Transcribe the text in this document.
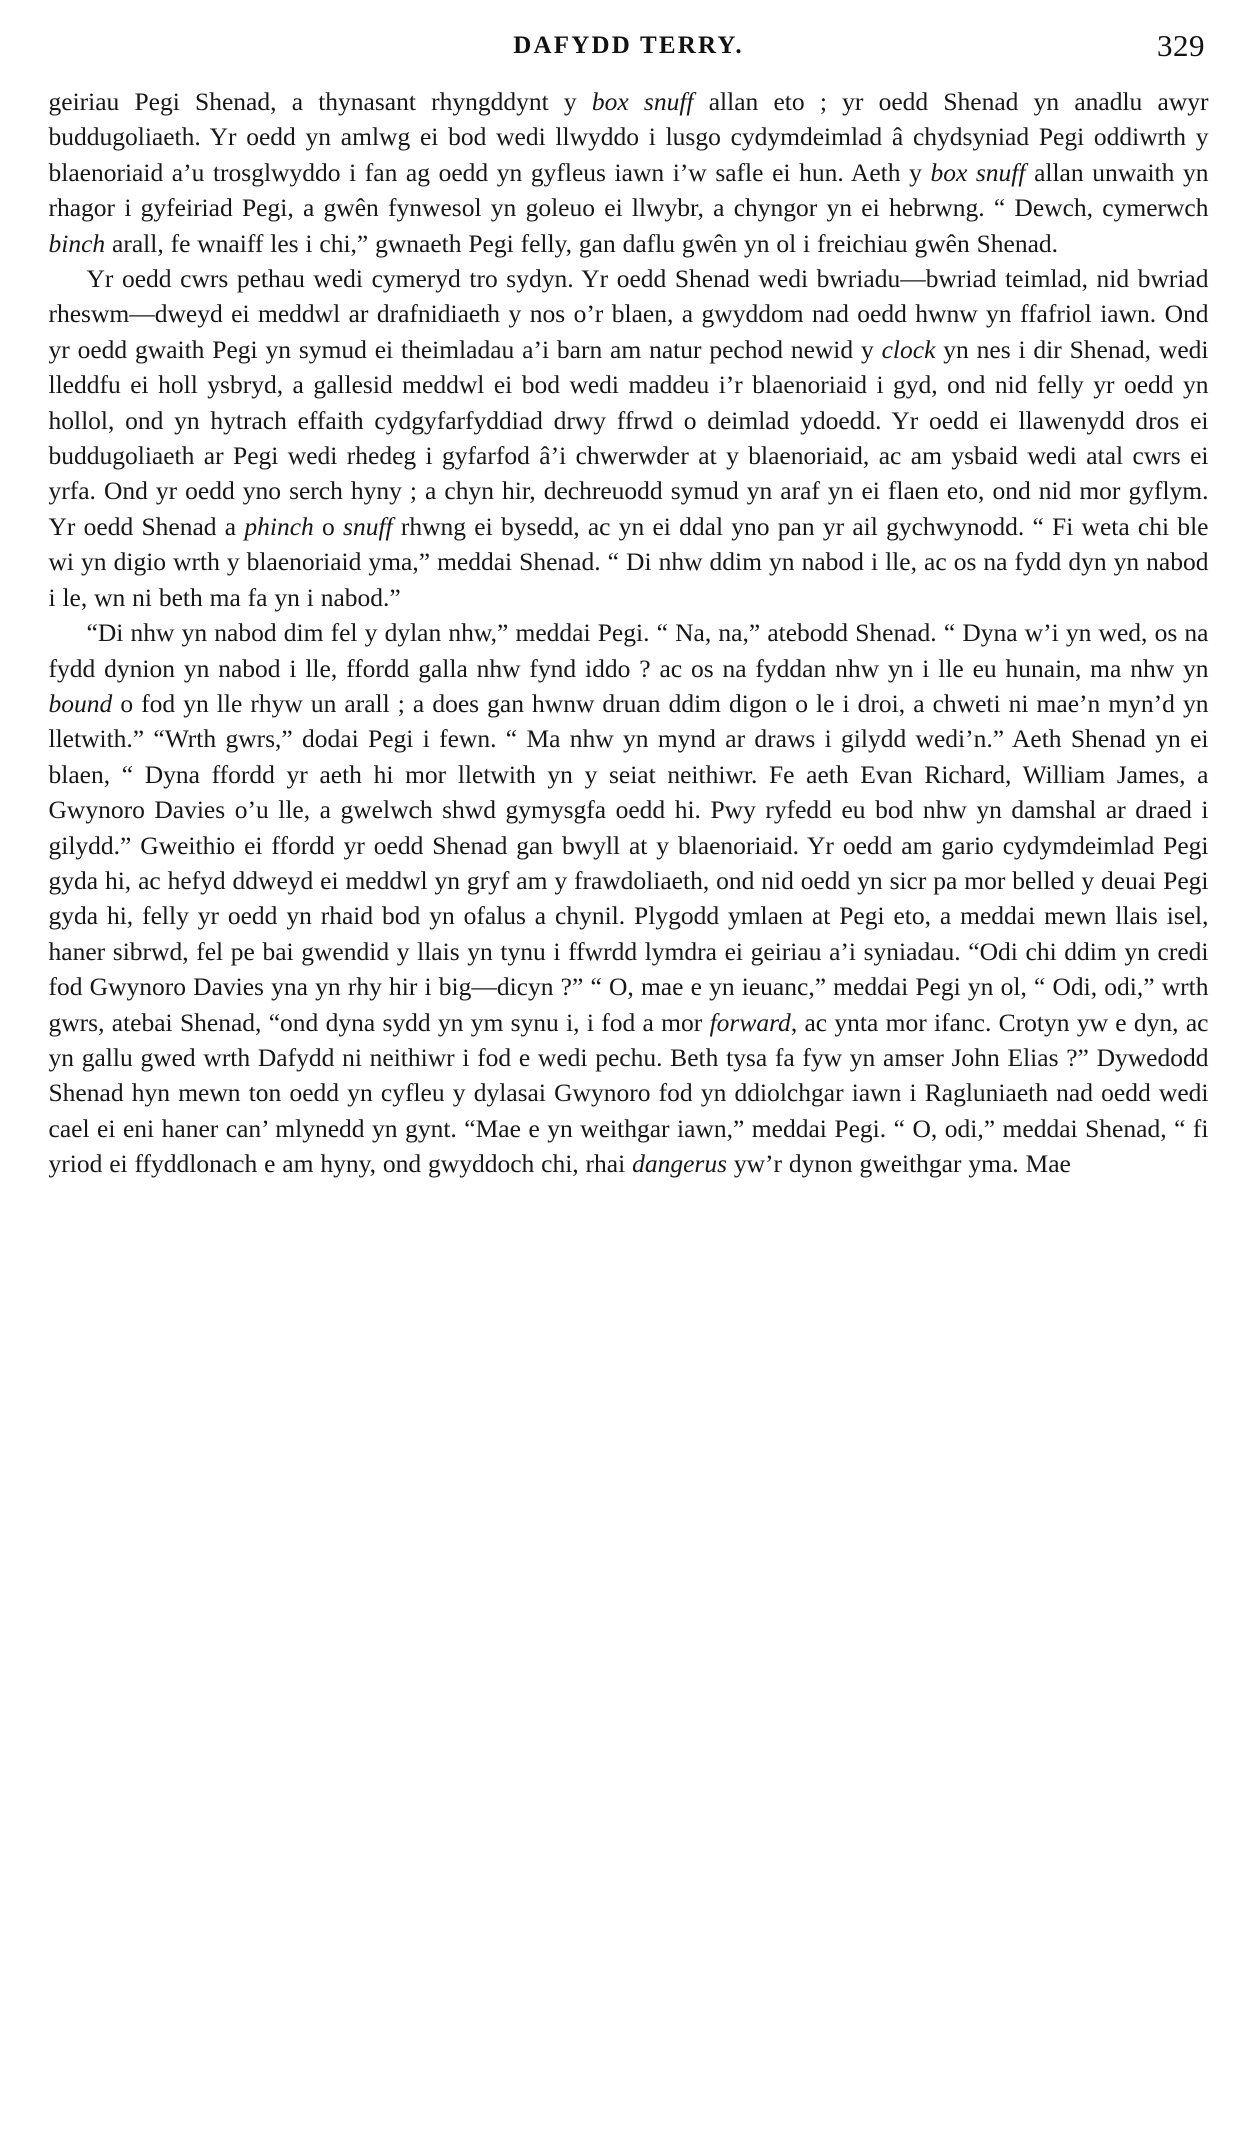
DAFYDD TERRY.	329

geiriau Pegi Shenad, a thynasant rhyngddynt y box snuff allan eto ; yr oedd Shenad yn anadlu awyr buddugoliaeth. Yr oedd yn amlwg ei bod wedi llwyddo i lusgo cydymdeimlad â chydsyniad Pegi oddiwrth y blaenoriaid a’u trosglwyddo i fan ag oedd yn gyfleus iawn i’w safle ei hun. Aeth y box snuff allan unwaith yn rhagor i gyfeiriad Pegi, a gwên fynwesol yn goleuo ei llwybr, a chyngor yn ei hebrwng. “ Dewch, cymerwch binch arall, fe wnaiff les i chi,” gwnaeth Pegi felly, gan daflu gwên yn ol i freichiau gwên Shenad.

Yr oedd cwrs pethau wedi cymeryd tro sydyn. Yr oedd Shenad wedi bwriadu—bwriad teimlad, nid bwriad rheswm—dweyd ei meddwl ar drafnidiaeth y nos o’r blaen, a gwyddom nad oedd hwnw yn ffafriol iawn. Ond yr oedd gwaith Pegi yn symud ei theimladau a’i barn am natur pechod newid y clock yn nes i dir Shenad, wedi lleddfu ei holl ysbryd, a gallesid meddwl ei bod wedi maddeu i’r blaenoriaid i gyd, ond nid felly yr oedd yn hollol, ond yn hytrach effaith cydgyfarfyddiad drwy ffrwd o deimlad ydoedd. Yr oedd ei llawenydd dros ei buddugoliaeth ar Pegi wedi rhedeg i gyfarfod â’i chwerwder at y blaenoriaid, ac am ysbaid wedi atal cwrs ei yrfa. Ond yr oedd yno serch hyny ; a chyn hir, dechreuodd symud yn araf yn ei flaen eto, ond nid mor gyflym. Yr oedd Shenad a phinch o snuff rhwng ei bysedd, ac yn ei ddal yno pan yr ail gychwynodd. “ Fi weta chi ble wi yn digio wrth y blaenoriaid yma,” meddai Shenad. “ Di nhw ddim yn nabod i lle, ac os na fydd dyn yn nabod i le, wn ni beth ma fa yn i nabod.”

“Di nhw yn nabod dim fel y dylan nhw,” meddai Pegi. “ Na, na,” atebodd Shenad. “ Dyna w’i yn wed, os na fydd dynion yn nabod i lle, ffordd galla nhw fynd iddo ? ac os na fyddan nhw yn i lle eu hunain, ma nhw yn bound o fod yn lle rhyw un arall ; a does gan hwnw druan ddim digon o le i droi, a chweti ni mae’n myn’d yn lletwith.” “Wrth gwrs,” dodai Pegi i fewn. “ Ma nhw yn mynd ar draws i gilydd wedi’n.” Aeth Shenad yn ei blaen, “ Dyna ffordd yr aeth hi mor lletwith yn y seiat neithiwr. Fe aeth Evan Richard, William James, a Gwynoro Davies o’u lle, a gwelwch shwd gymysgfa oedd hi. Pwy ryfedd eu bod nhw yn damshal ar draed i gilydd.” Gweithio ei ffordd yr oedd Shenad gan bwyll at y blaenoriaid. Yr oedd am gario cydymdeimlad Pegi gyda hi, ac hefyd ddweyd ei meddwl yn gryf am y frawdoliaeth, ond nid oedd yn sicr pa mor belled y deuai Pegi gyda hi, felly yr oedd yn rhaid bod yn ofalus a chynil. Plygodd ymlaen at Pegi eto, a meddai mewn llais isel, haner sibrwd, fel pe bai gwendid y llais yn tynu i ffwrdd lymdra ei geiriau a’i syniadau. “Odi chi ddim yn credi fod Gwynoro Davies yna yn rhy hir i big—dicyn ?” “ O, mae e yn ieuanc,” meddai Pegi yn ol, “ Odi, odi,” wrth gwrs, atebai Shenad, “ond dyna sydd yn ym synu i, i fod a mor forward, ac ynta mor ifanc. Crotyn yw e dyn, ac yn gallu gwed wrth Dafydd ni neithiwr i fod e wedi pechu. Beth tysa fa fyw yn amser John Elias ?” Dywedodd Shenad hyn mewn ton oedd yn cyfleu y dylasai Gwynoro fod yn ddiolchgar iawn i Ragluniaeth nad oedd wedi cael ei eni haner can’ mlynedd yn gynt. “Mae e yn weithgar iawn,” meddai Pegi. “ O, odi,” meddai Shenad, “ fi yriod ei ffyddlonach e am hyny, ond gwyddoch chi, rhai dangerus yw’r dynon gweithgar yma. Mae
